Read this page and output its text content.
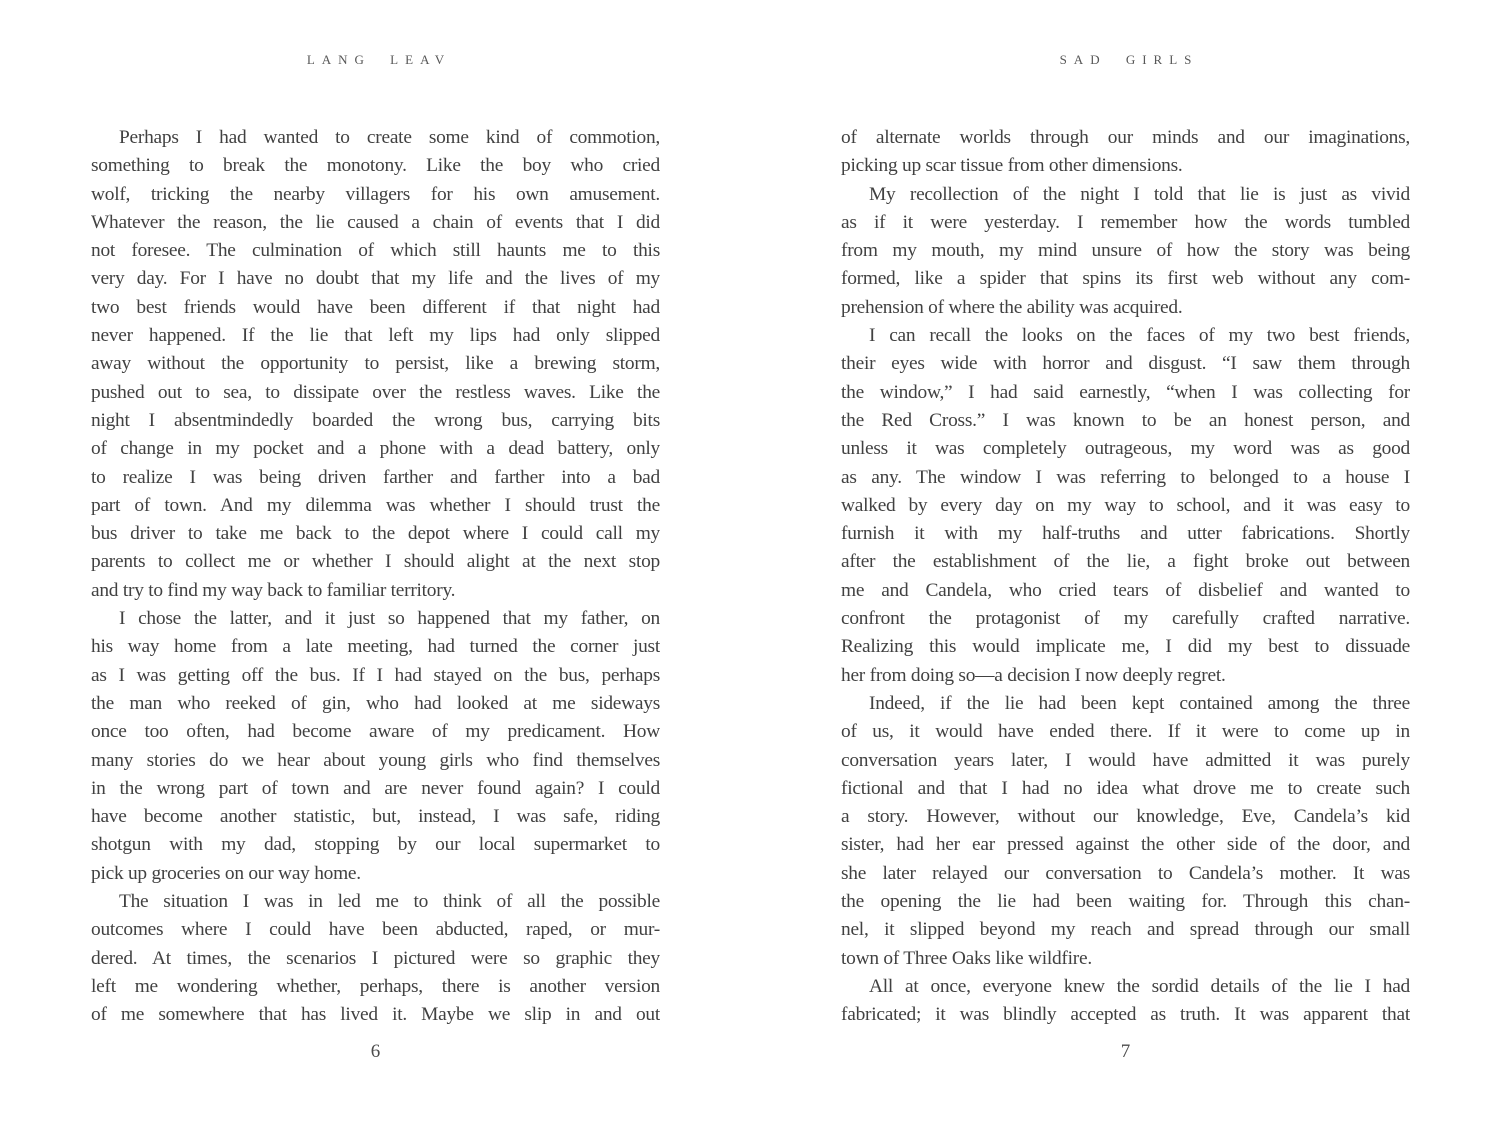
LANG LEAV
Perhaps I had wanted to create some kind of commotion,
something to break the monotony. Like the boy who cried
wolf, tricking the nearby villagers for his own amusement.
Whatever the reason, the lie caused a chain of events that I did
not foresee. The culmination of which still haunts me to this
very day. For I have no doubt that my life and the lives of my
two best friends would have been different if that night had
never happened. If the lie that left my lips had only slipped
away without the opportunity to persist, like a brewing storm,
pushed out to sea, to dissipate over the restless waves. Like the
night I absentmindedly boarded the wrong bus, carrying bits
of change in my pocket and a phone with a dead battery, only
to realize I was being driven farther and farther into a bad
part of town. And my dilemma was whether I should trust the
bus driver to take me back to the depot where I could call my
parents to collect me or whether I should alight at the next stop
and try to find my way back to familiar territory.
I chose the latter, and it just so happened that my father, on
his way home from a late meeting, had turned the corner just
as I was getting off the bus. If I had stayed on the bus, perhaps
the man who reeked of gin, who had looked at me sideways
once too often, had become aware of my predicament. How
many stories do we hear about young girls who find themselves
in the wrong part of town and are never found again? I could
have become another statistic, but, instead, I was safe, riding
shotgun with my dad, stopping by our local supermarket to
pick up groceries on our way home.
The situation I was in led me to think of all the possible
outcomes where I could have been abducted, raped, or mur-
dered. At times, the scenarios I pictured were so graphic they
left me wondering whether, perhaps, there is another version
of me somewhere that has lived it. Maybe we slip in and out
6
SAD GIRLS
of alternate worlds through our minds and our imaginations,
picking up scar tissue from other dimensions.
My recollection of the night I told that lie is just as vivid
as if it were yesterday. I remember how the words tumbled
from my mouth, my mind unsure of how the story was being
formed, like a spider that spins its first web without any com-
prehension of where the ability was acquired.
I can recall the looks on the faces of my two best friends,
their eyes wide with horror and disgust. “I saw them through
the window,” I had said earnestly, “when I was collecting for
the Red Cross.” I was known to be an honest person, and
unless it was completely outrageous, my word was as good
as any. The window I was referring to belonged to a house I
walked by every day on my way to school, and it was easy to
furnish it with my half-truths and utter fabrications. Shortly
after the establishment of the lie, a fight broke out between
me and Candela, who cried tears of disbelief and wanted to
confront the protagonist of my carefully crafted narrative.
Realizing this would implicate me, I did my best to dissuade
her from doing so—a decision I now deeply regret.
Indeed, if the lie had been kept contained among the three
of us, it would have ended there. If it were to come up in
conversation years later, I would have admitted it was purely
fictional and that I had no idea what drove me to create such
a story. However, without our knowledge, Eve, Candela’s kid
sister, had her ear pressed against the other side of the door, and
she later relayed our conversation to Candela’s mother. It was
the opening the lie had been waiting for. Through this chan-
nel, it slipped beyond my reach and spread through our small
town of Three Oaks like wildfire.
All at once, everyone knew the sordid details of the lie I had
fabricated; it was blindly accepted as truth. It was apparent that
7
